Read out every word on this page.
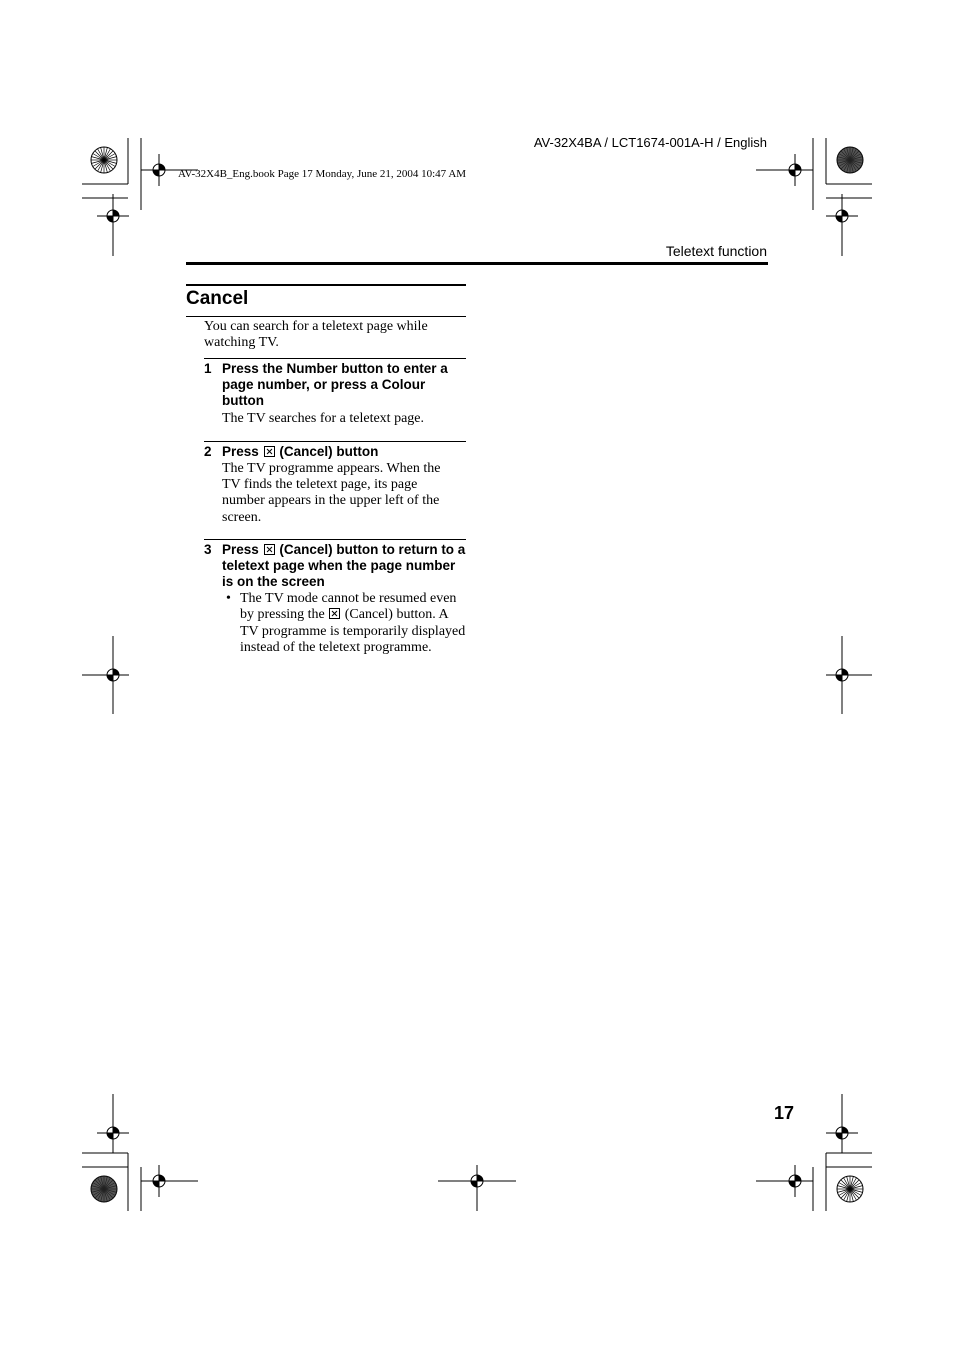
AV-32X4BA / LCT1674-001A-H / English
AV-32X4B_Eng.book Page 17 Monday, June 21, 2004 10:47 AM
Teletext function
Cancel
You can search for a teletext page while watching TV.
1 Press the Number button to enter a page number, or press a Colour button
The TV searches for a teletext page.
2 Press (Cancel) button
The TV programme appears. When the TV finds the teletext page, its page number appears in the upper left of the screen.
3 Press (Cancel) button to return to a teletext page when the page number is on the screen
• The TV mode cannot be resumed even by pressing the (Cancel) button. A TV programme is temporarily displayed instead of the teletext programme.
17
